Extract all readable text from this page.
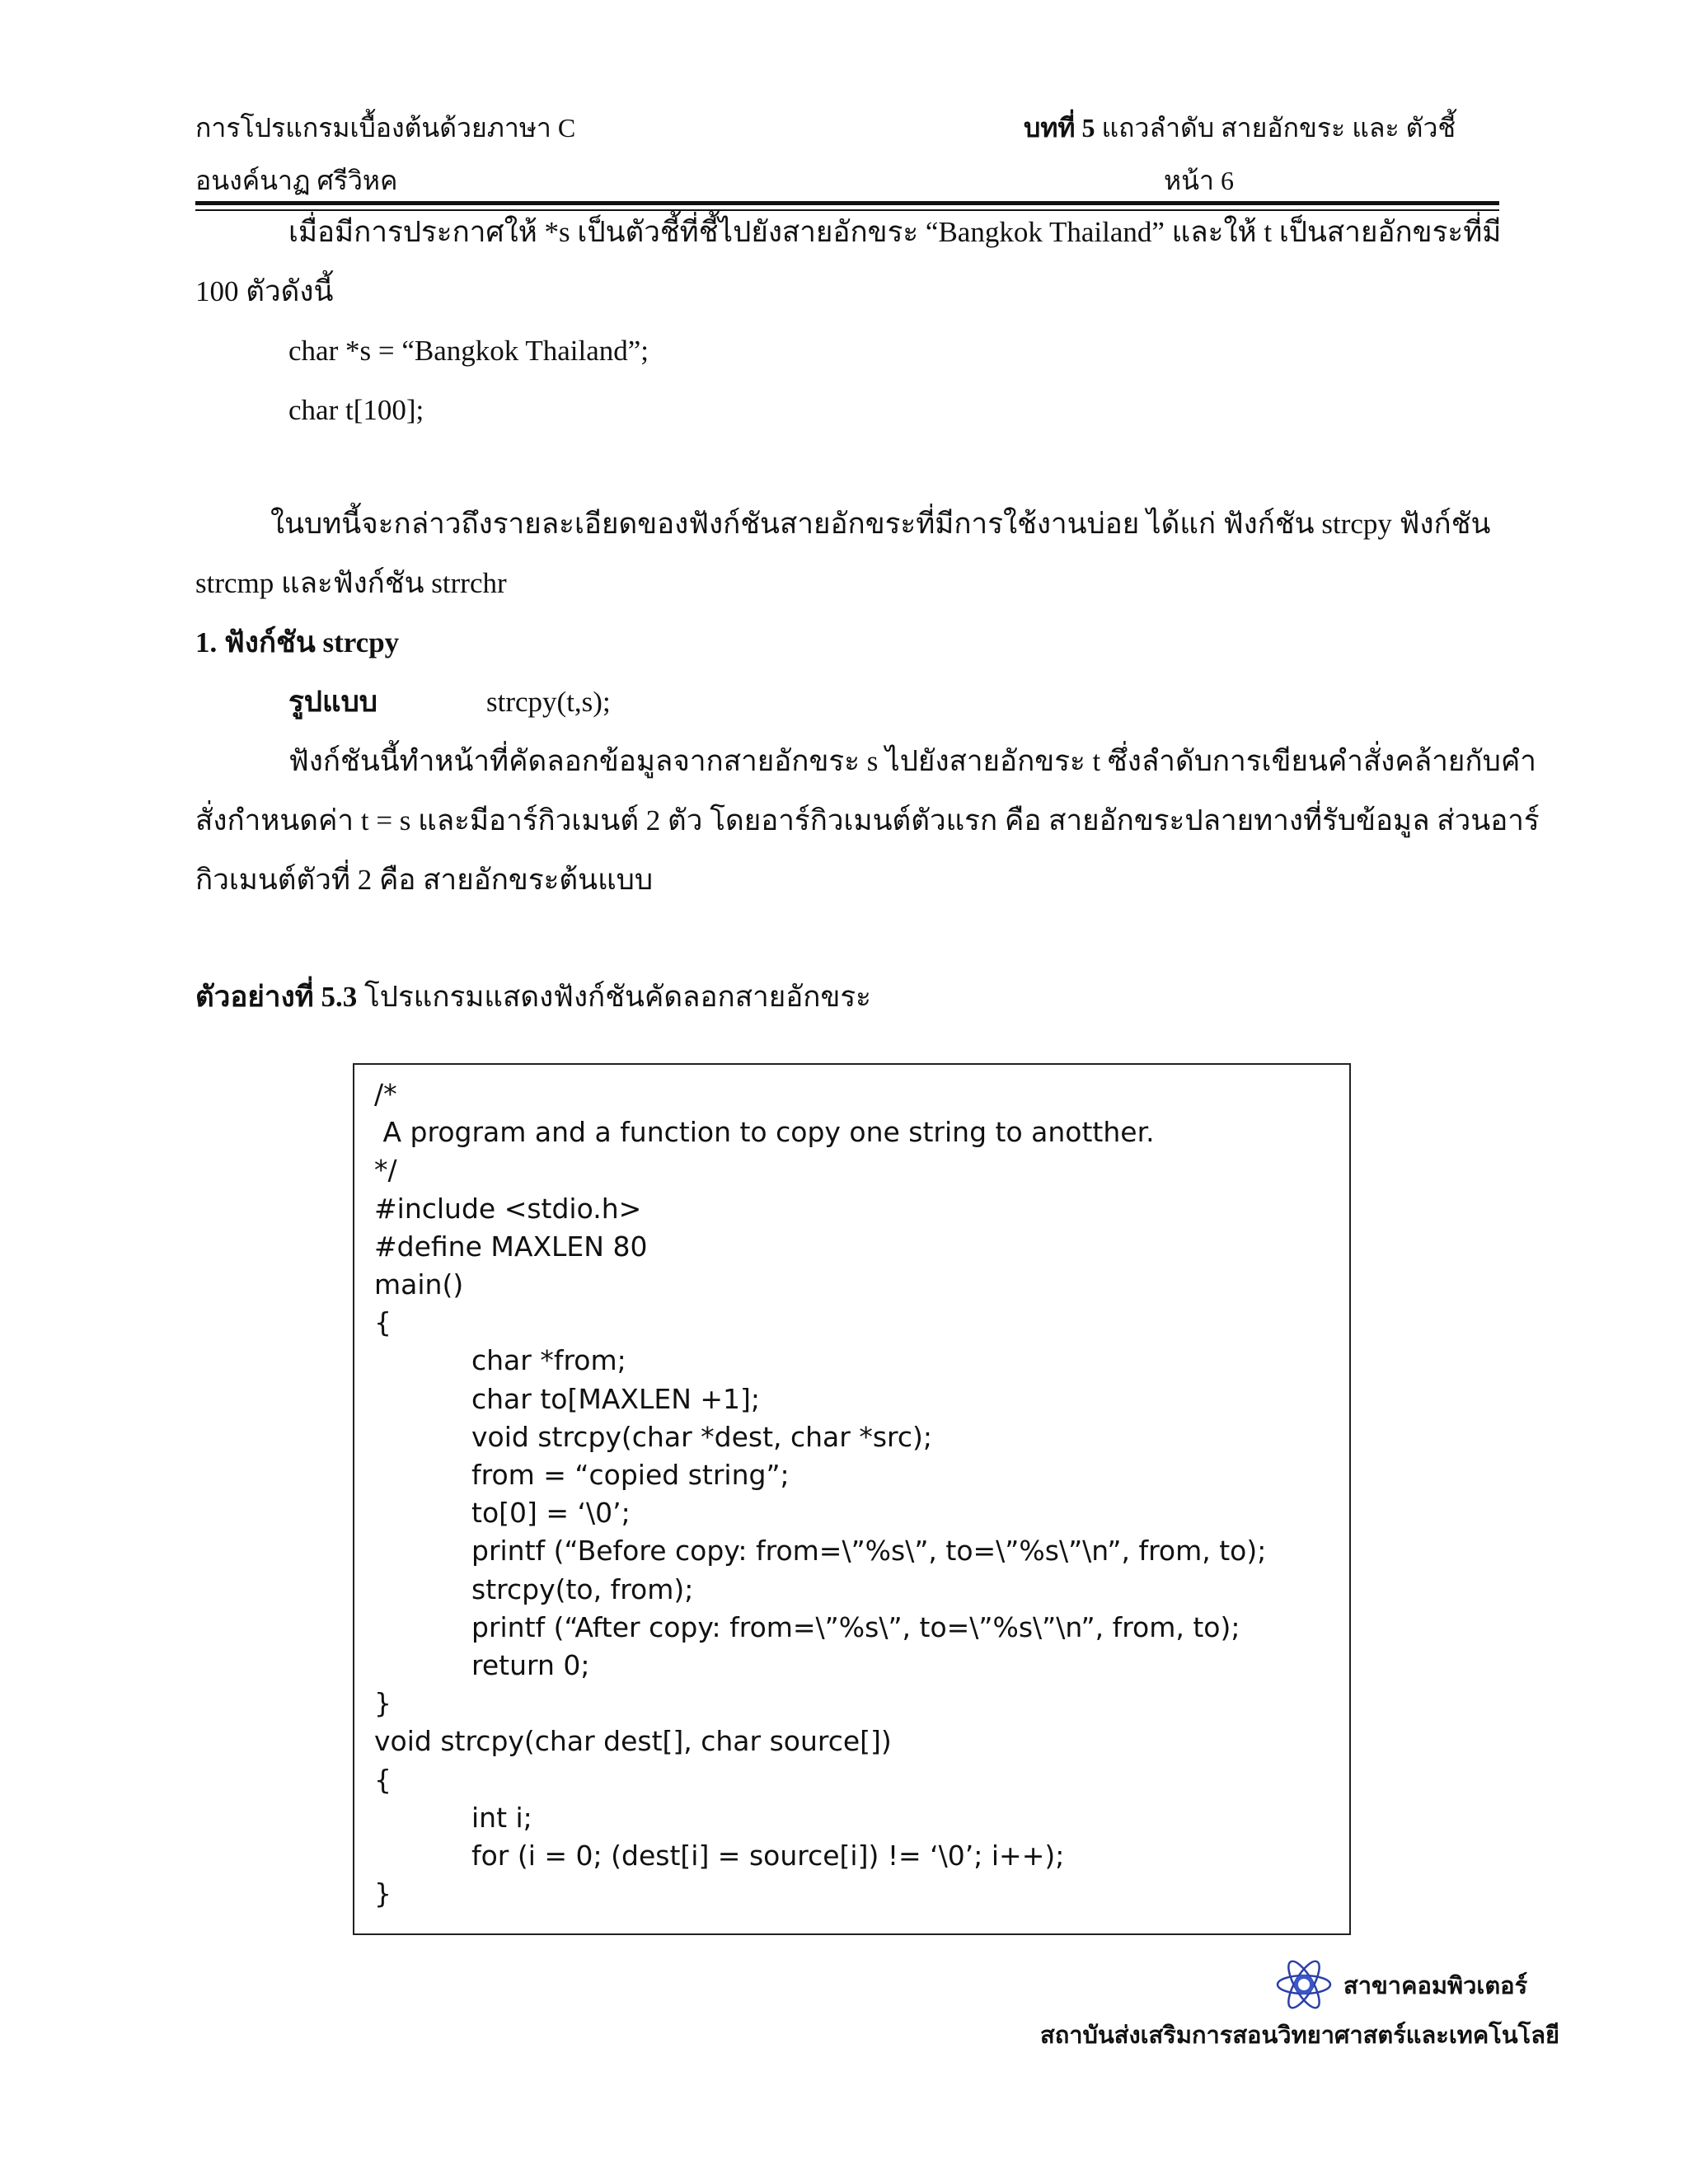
การโปรแกรมเบื้องต้นด้วยภาษา C	บทที่ 5 แถวลำดับ สายอักขระ และ ตัวชี้
อนงค์นาฏ ศรีวิหค	หน้า 6
เมื่อมีการประกาศให้ *s เป็นตัวชี้ที่ชี้ไปยังสายอักขระ “Bangkok Thailand” และให้ t เป็นสายอักขระที่มี
100 ตัวดังนี้
char *s = “Bangkok Thailand”;
char t[100];
ในบทนี้จะกล่าวถึงรายละเอียดของฟังก์ชันสายอักขระที่มีการใช้งานบ่อย ได้แก่ ฟังก์ชัน strcpy ฟังก์ชัน
strcmp และฟังก์ชัน strrchr
1. ฟังก์ชัน strcpy
รูปแบบ	strcpy(t,s);
ฟังก์ชันนี้ทำหน้าที่คัดลอกข้อมูลจากสายอักขระ s ไปยังสายอักขระ t ซึ่งลำดับการเขียนคำสั่งคล้ายกับคำ
สั่งกำหนดค่า t = s และมีอาร์กิวเมนต์ 2 ตัว โดยอาร์กิวเมนต์ตัวแรก คือ สายอักขระปลายทางที่รับข้อมูล ส่วนอาร์
กิวเมนต์ตัวที่ 2 คือ สายอักขระต้นแบบ
ตัวอย่างที่ 5.3 โปรแกรมแสดงฟังก์ชันคัดลอกสายอักขระ
/*
A program and a function to copy one string to anotther.
*/
#include <stdio.h>
#define MAXLEN 80
main()
{
char *from;
char to[MAXLEN +1];
void strcpy(char *dest, char *src);
from = “copied string”;
to[0] = ‘\0’;
printf (“Before copy: from=\”%s\”, to=\”%s\”\n”, from, to);
strcpy(to, from);
printf (“After copy: from=\”%s\”, to=\”%s\”\n”, from, to);
return 0;
}
void strcpy(char dest[], char source[])
{
int i;
for (i = 0; (dest[i] = source[i]) != ‘\0’; i++);
}
สาขาคอมพิวเตอร์
สถาบันส่งเสริมการสอนวิทยาศาสตร์และเทคโนโลยี
